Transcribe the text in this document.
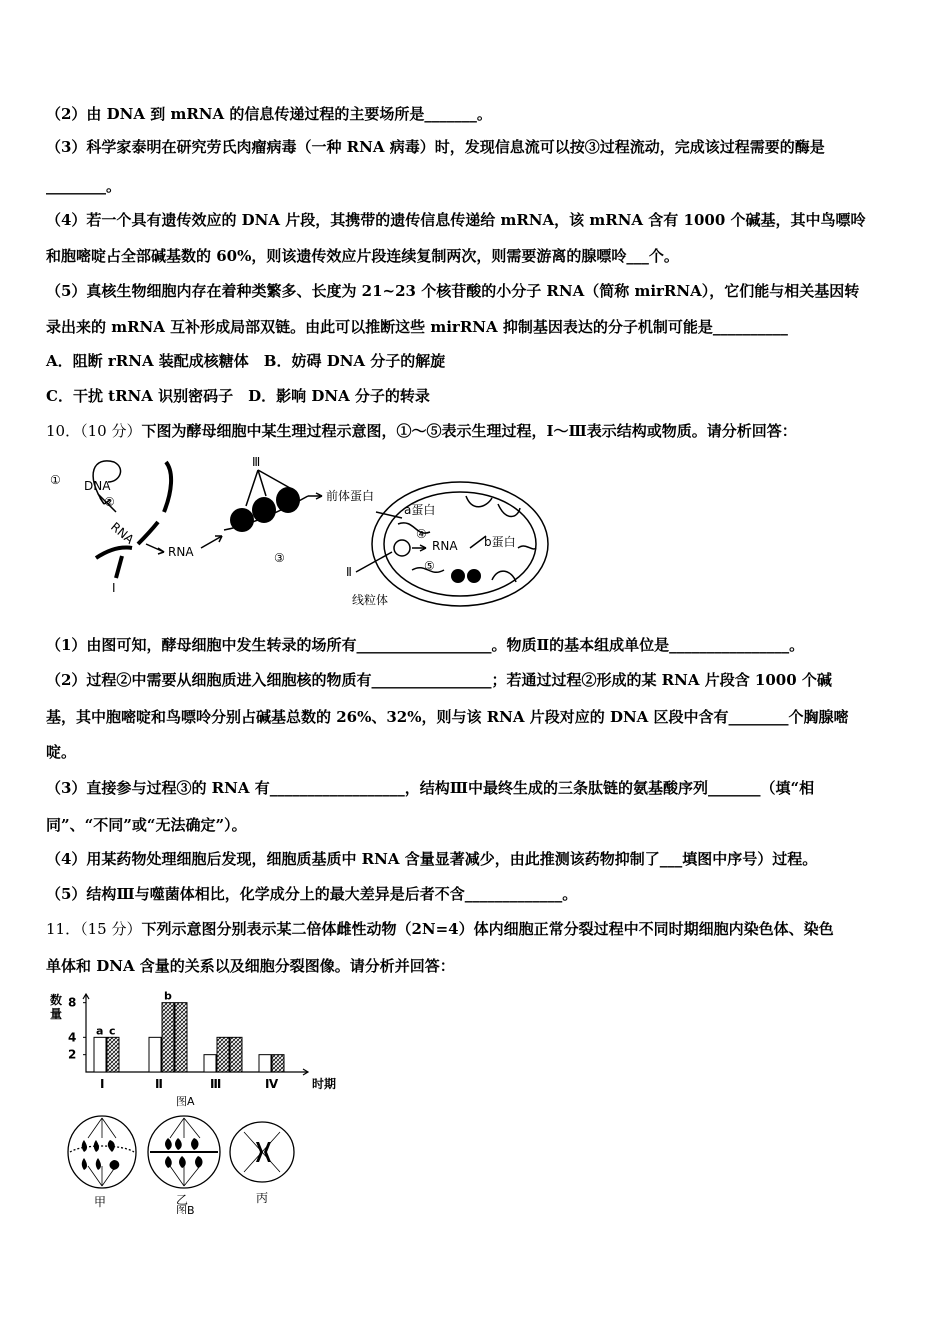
（2）由 DNA 到 mRNA 的信息传递过程的主要场所是_______。
（3）科学家泰明在研究劳氏肉瘤病毒（一种 RNA 病毒）时，发现信息流可以按③过程流动，完成该过程需要的酶是
________。
（4）若一个具有遗传效应的 DNA 片段，其携带的遗传信息传递给 mRNA，该 mRNA 含有 1000 个碱基，其中鸟嘌呤
和胞嘧啶占全部碱基数的 60%，则该遗传效应片段连续复制两次，则需要游离的腺嘌呤___个。
（5）真核生物细胞内存在着种类繁多、长度为 21~23 个核苷酸的小分子 RNA（简称 mirRNA），它们能与相关基因转
录出来的 mRNA 互补形成局部双链。由此可以推断这些 mirRNA 抑制基因表达的分子机制可能是__________
A．阻断 rRNA 装配成核糖体　B．妨碍 DNA 分子的解旋
C．干扰 tRNA 识别密码子　D．影响 DNA 分子的转录
10．（10 分）下图为酵母细胞中某生理过程示意图，①～⑤表示生理过程，Ⅰ～Ⅲ表示结构或物质。请分析回答：
① DNA
②
RNA
Ⅰ
RNA
Ⅲ
③
前体蛋白
a蛋白
④
RNA b蛋白
⑤
Ⅱ
线粒体
（1）由图可知，酵母细胞中发生转录的场所有__________________。物质Ⅱ的基本组成单位是________________。
（2）过程②中需要从细胞质进入细胞核的物质有________________；若通过过程②形成的某 RNA 片段含 1000 个碱
基，其中胞嘧啶和鸟嘌呤分别占碱基总数的 26%、32%，则与该 RNA 片段对应的 DNA 区段中含有________个胸腺嘧
啶。
（3）直接参与过程③的 RNA 有__________________，结构Ⅲ中最终生成的三条肽链的氨基酸序列_______（填“相
同”、“不同”或“无法确定”）。
（4）用某药物处理细胞后发现，细胞质基质中 RNA 含量显著减少，由此推测该药物抑制了___填图中序号）过程。
（5）结构Ⅲ与噬菌体相比，化学成分上的最大差异是后者不含_____________。
11．（15 分）下列示意图分别表示某二倍体雌性动物（2N=4）体内细胞正常分裂过程中不同时期细胞内染色体、染色
单体和 DNA 含量的关系以及细胞分裂图像。请分析并回答：
数
量
2
4
8
a c
Ⅰ
b
Ⅱ	Ⅲ	Ⅳ	时期
图A
甲	乙	丙
图B
